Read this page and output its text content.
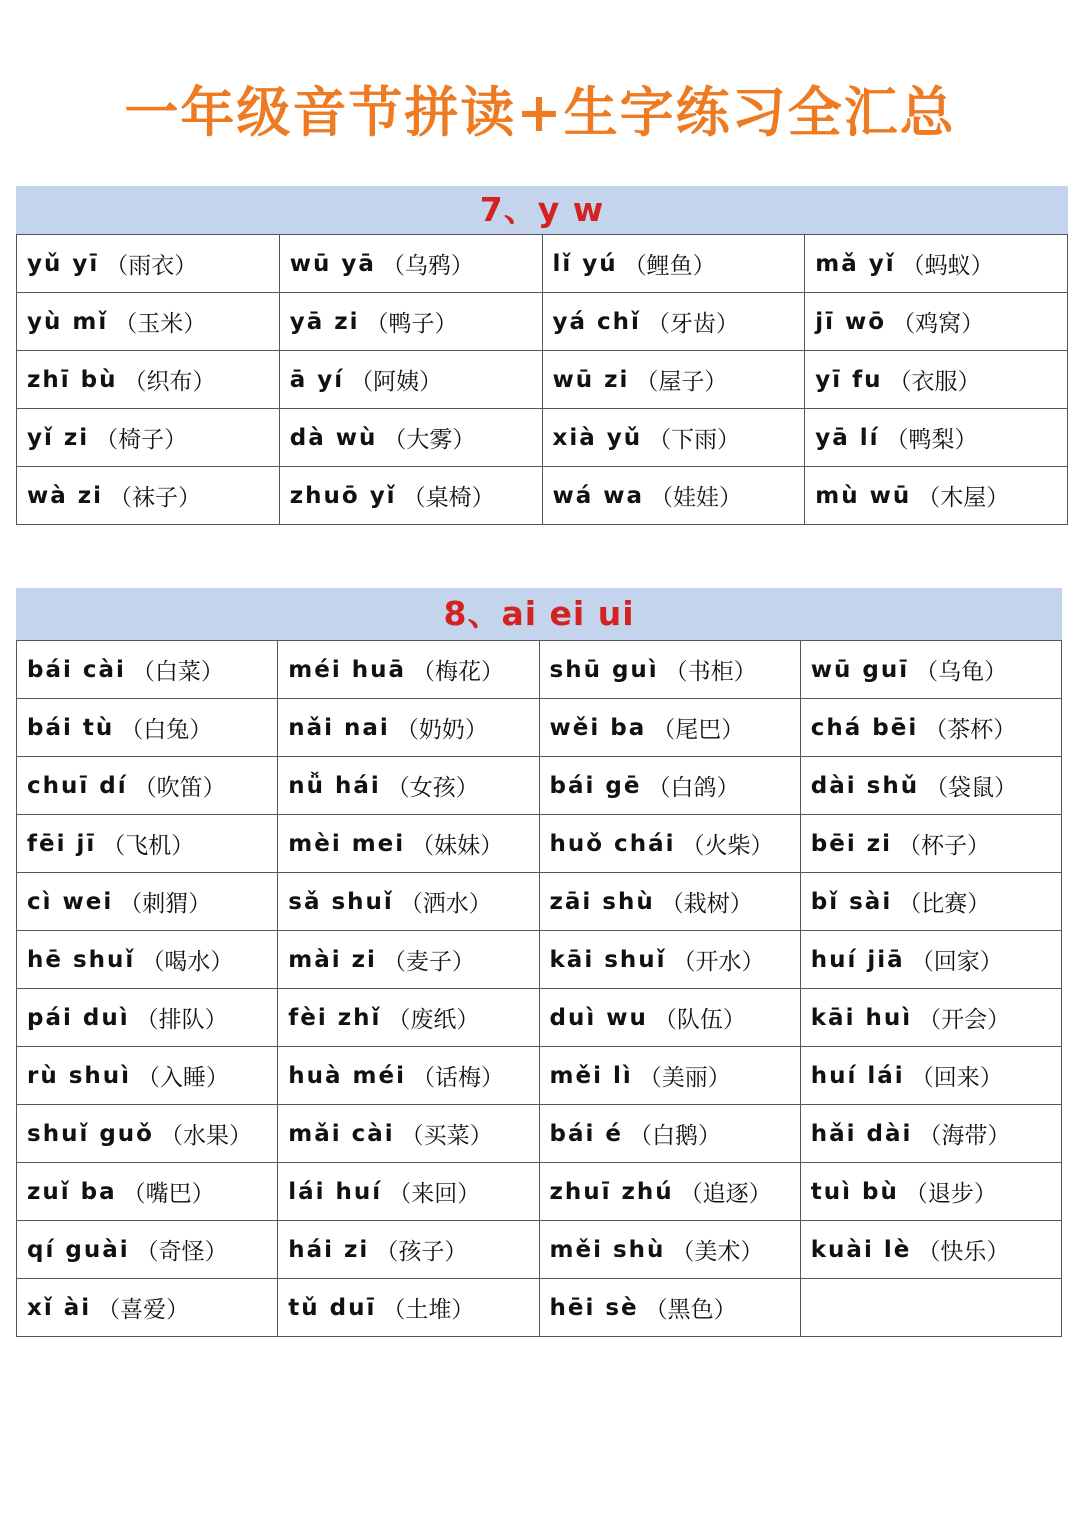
一年级音节拼读+生字练习全汇总
7、y w
yǔ yī （雨衣）	wū yā （乌鸦）	lǐ yú （鲤鱼）	mǎ yǐ （蚂蚁）
yù mǐ （玉米）	yā zi （鸭子）	yá chǐ （牙齿）	jī wō （鸡窝）
zhī bù （织布）	ā yí （阿姨）	wū zi （屋子）	yī fu （衣服）
yǐ zi （椅子）	dà wù （大雾）	xià yǔ （下雨）	yā lí （鸭梨）
wà zi （袜子）	zhuō yǐ （桌椅）	wá wa （娃娃）	mù wū （木屋）
8、ai ei ui
bái cài （白菜）	méi huā （梅花） shū guì （书柜） wū guī （乌龟）
bái tù （白兔）	nǎi nai （奶奶）	wěi ba （尾巴）	chá bēi （茶杯）
chuī dí （吹笛）	nǚ hái （女孩）	bái gē （白鸽）	dài shǔ （袋鼠）
fēi jī （飞机）	mèi mei （妹妹） huǒ chái （火柴） bēi zi （杯子）
cì wei （刺猬）	sǎ shuǐ （洒水）	zāi shù （栽树）	bǐ sài （比赛）
hē shuǐ （喝水） mài zi （麦子）	kāi shuǐ （开水） huí jiā （回家）
pái duì （排队）	fèi zhǐ （废纸）	duì wu （队伍）	kāi huì （开会）
rù shuì （入睡）	huà méi （话梅） měi lì （美丽）	huí lái （回来）
shuǐ guǒ （水果） mǎi cài （买菜） bái é （白鹅）	hǎi dài （海带）
zuǐ ba （嘴巴）	lái huí （来回）	zhuī zhú （追逐） tuì bù （退步）
qí guài （奇怪）	hái zi （孩子）	měi shù （美术） kuài lè （快乐）
xǐ ài （喜爱）	tǔ duī （土堆）	hēi sè （黑色）
